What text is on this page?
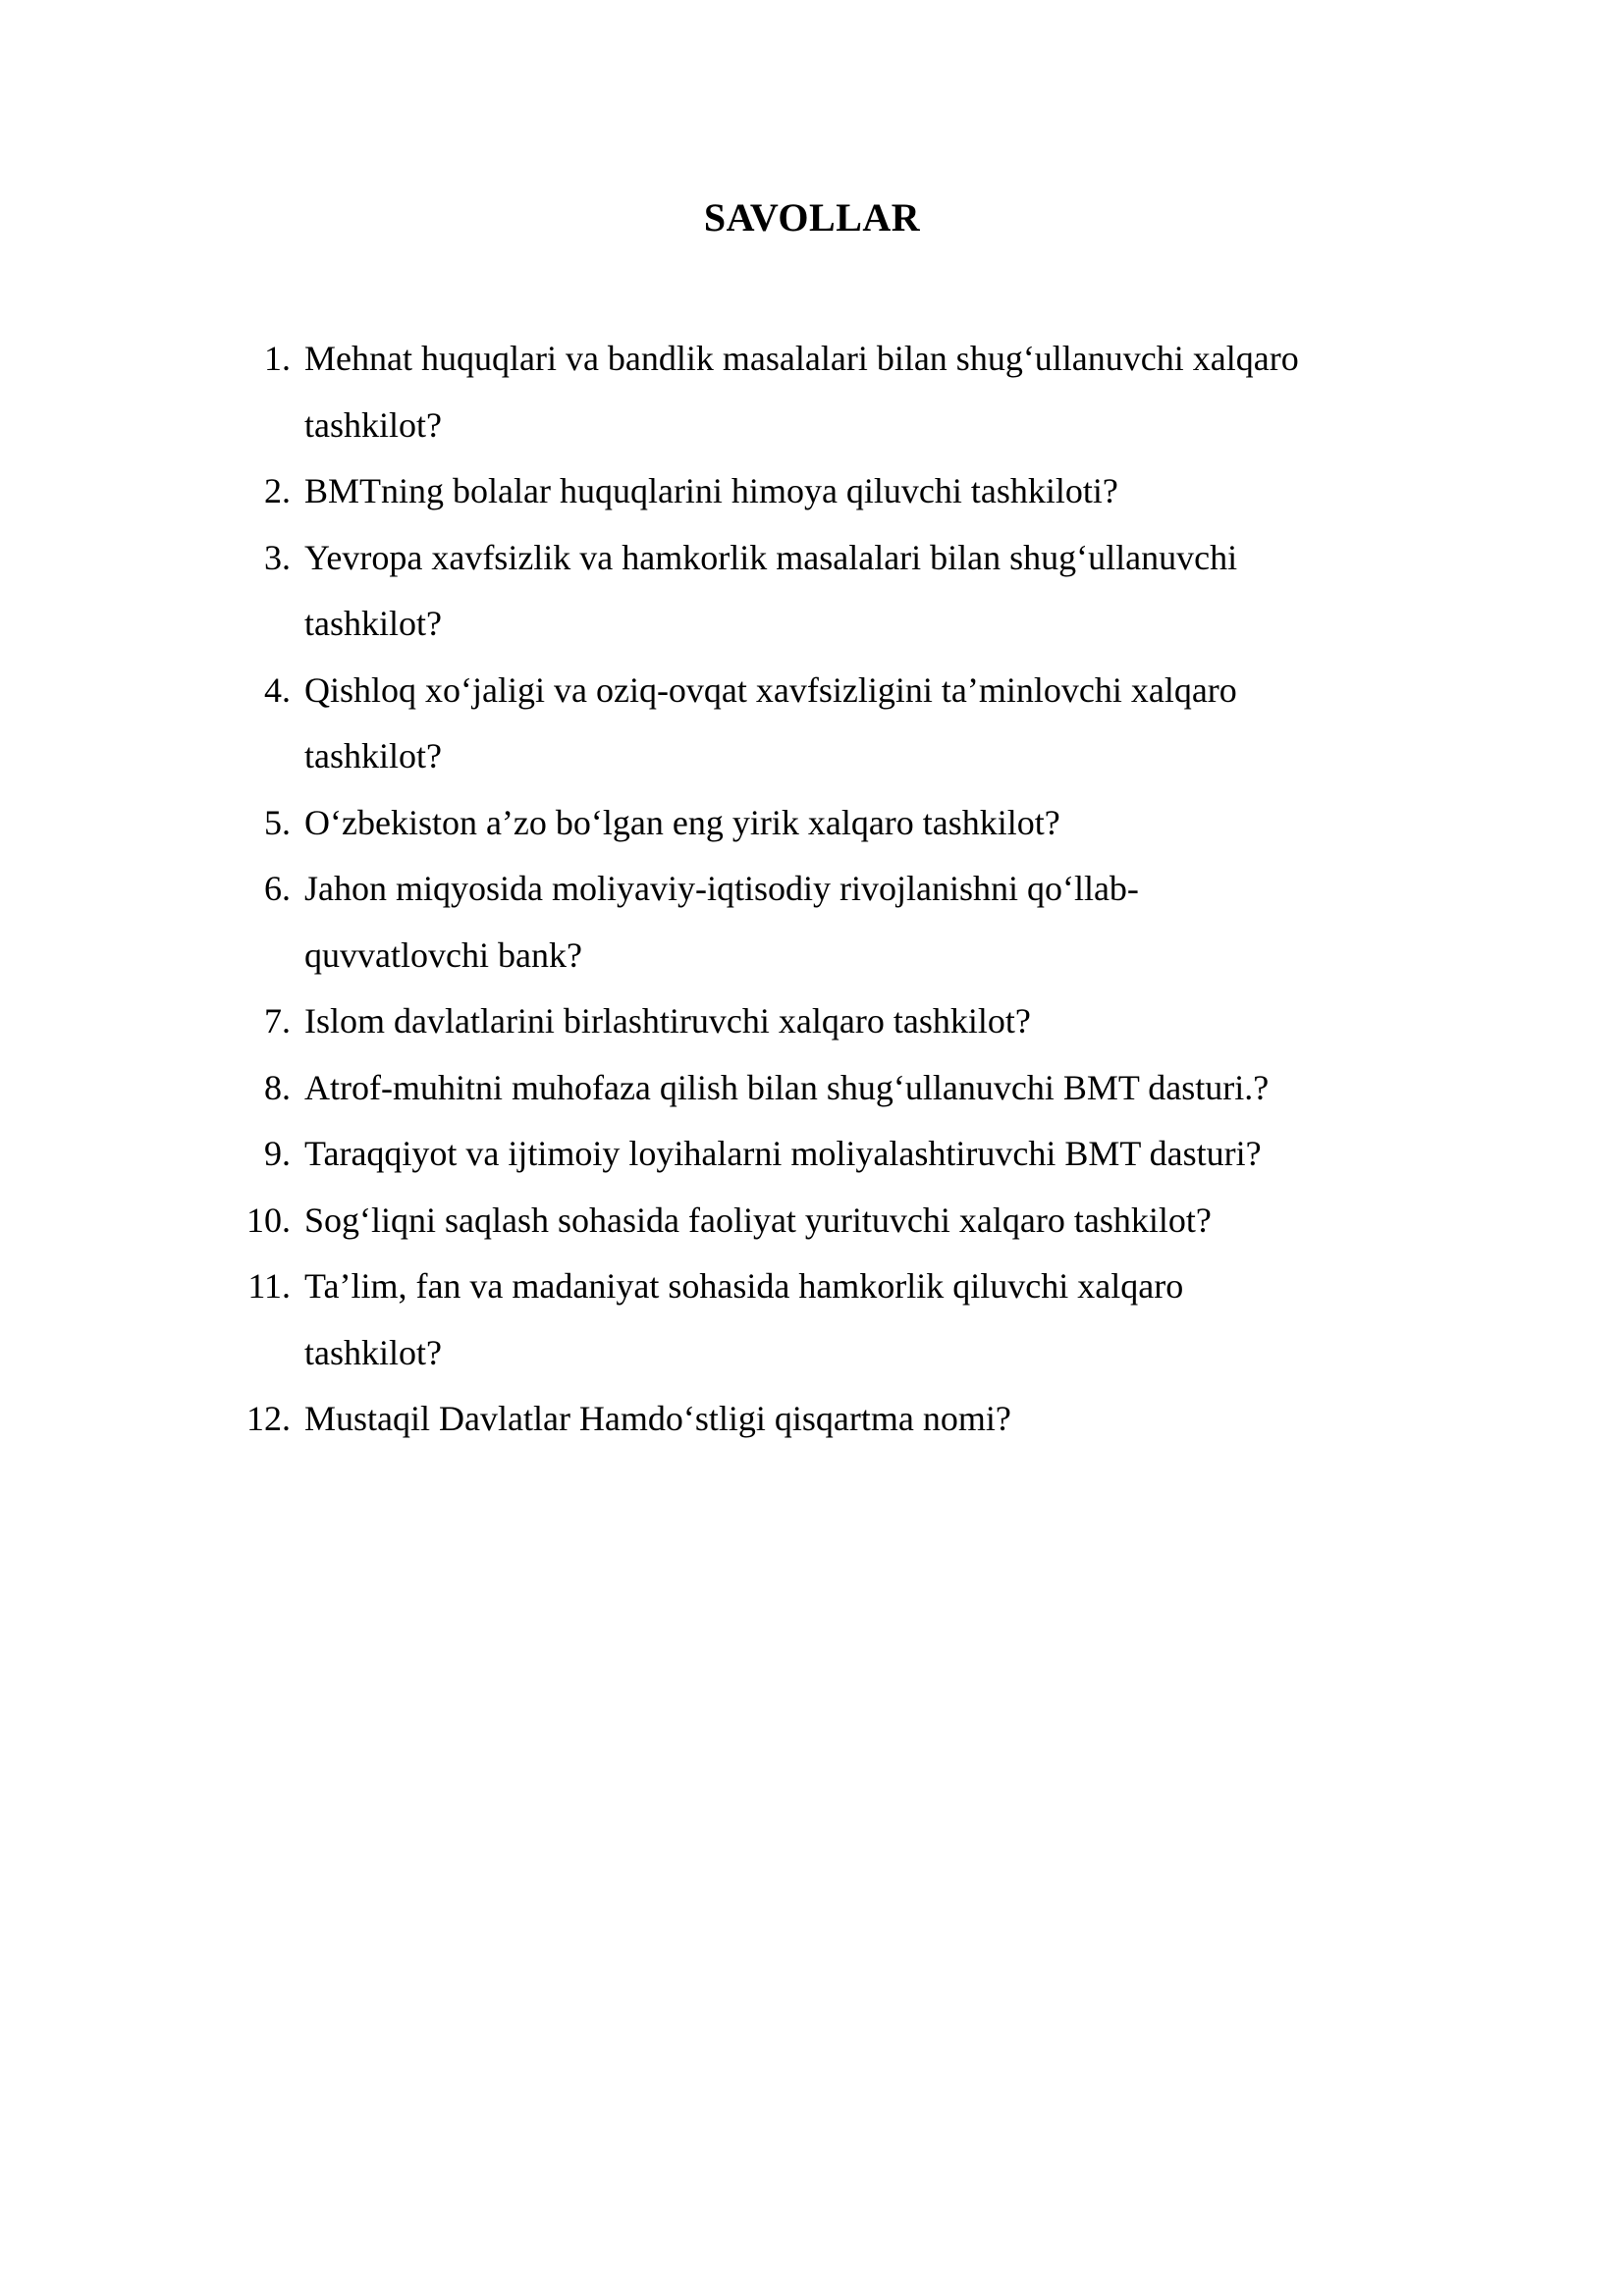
SAVOLLAR
1. Mehnat huquqlari va bandlik masalalari bilan shug‘ullanuvchi xalqaro
tashkilot?
2. BMTning bolalar huquqlarini himoya qiluvchi tashkiloti?
3. Yevropa xavfsizlik va hamkorlik masalalari bilan shug‘ullanuvchi
tashkilot?
4. Qishloq xo‘jaligi va oziq-ovqat xavfsizligini ta’minlovchi xalqaro
tashkilot?
5. O‘zbekiston a’zo bo‘lgan eng yirik xalqaro tashkilot?
6. Jahon miqyosida moliyaviy-iqtisodiy rivojlanishni qo‘llab-
quvvatlovchi bank?
7. Islom davlatlarini birlashtiruvchi xalqaro tashkilot?
8. Atrof-muhitni muhofaza qilish bilan shug‘ullanuvchi BMT dasturi.?
9. Taraqqiyot va ijtimoiy loyihalarni moliyalashtiruvchi BMT dasturi?
10. Sog‘liqni saqlash sohasida faoliyat yurituvchi xalqaro tashkilot?
11. Ta’lim, fan va madaniyat sohasida hamkorlik qiluvchi xalqaro
tashkilot?
12. Mustaqil Davlatlar Hamdo‘stligi qisqartma nomi?
